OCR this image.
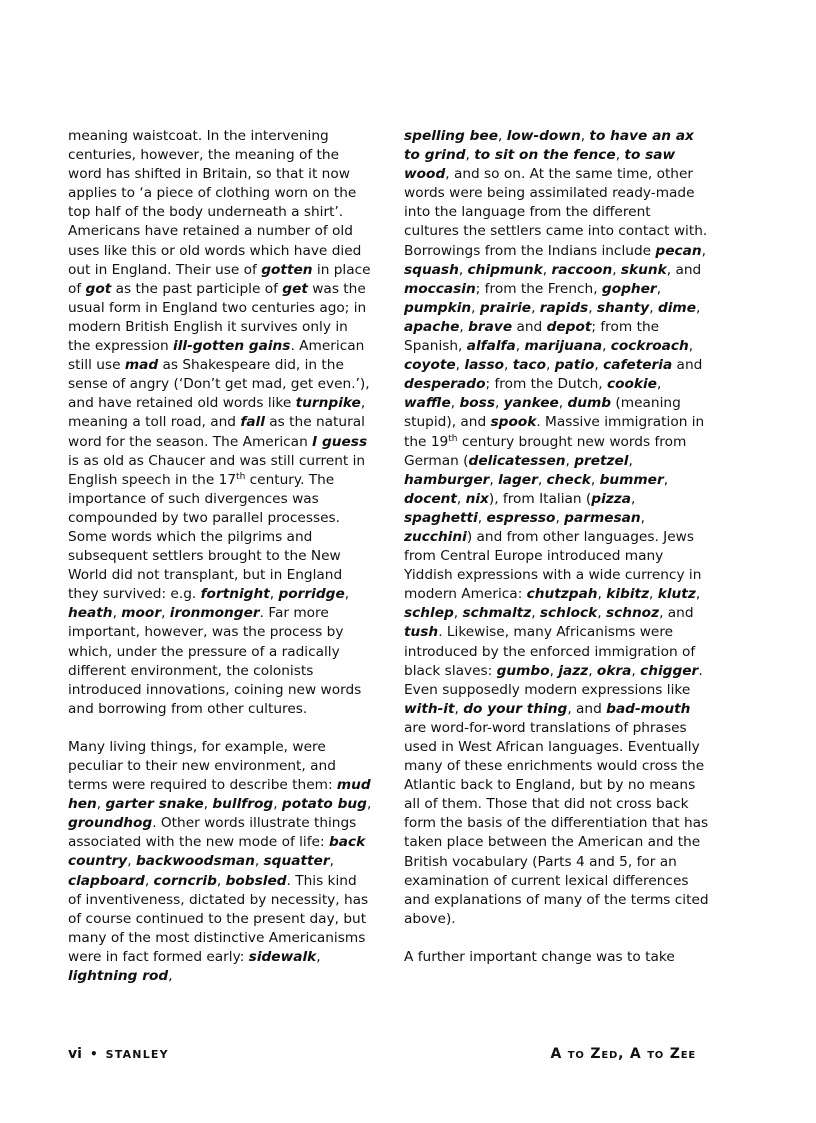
meaning waistcoat. In the intervening centuries, however, the meaning of the word has shifted in Britain, so that it now applies to ‘a piece of clothing worn on the top half of the body underneath a shirt’. Americans have retained a number of old uses like this or old words which have died out in England. Their use of gotten in place of got as the past participle of get was the usual form in England two centuries ago; in modern British English it survives only in the expression ill-gotten gains. American still use mad as Shakespeare did, in the sense of angry (‘Don’t get mad, get even.’), and have retained old words like turnpike, meaning a toll road, and fall as the natural word for the season. The American I guess is as old as Chaucer and was still current in English speech in the 17th century. The importance of such divergences was compounded by two parallel processes. Some words which the pilgrims and subsequent settlers brought to the New World did not transplant, but in England they survived: e.g. fortnight, porridge, heath, moor, ironmonger. Far more important, however, was the process by which, under the pressure of a radically different environment, the colonists introduced innovations, coining new words and borrowing from other cultures.

Many living things, for example, were peculiar to their new environment, and terms were required to describe them: mud hen, garter snake, bullfrog, potato bug, groundhog. Other words illustrate things associated with the new mode of life: back country, backwoodsman, squatter, clapboard, corncrib, bobsled. This kind of inventiveness, dictated by necessity, has of course continued to the present day, but many of the most distinctive Americanisms were in fact formed early: sidewalk, lightning rod,

spelling bee, low-down, to have an ax to grind, to sit on the fence, to saw wood, and so on. At the same time, other words were being assimilated ready-made into the language from the different cultures the settlers came into contact with. Borrowings from the Indians include pecan, squash, chipmunk, raccoon, skunk, and moccasin; from the French, gopher, pumpkin, prairie, rapids, shanty, dime, apache, brave and depot; from the Spanish, alfalfa, marijuana, cockroach, coyote, lasso, taco, patio, cafeteria and desperado; from the Dutch, cookie, waffle, boss, yankee, dumb (meaning stupid), and spook. Massive immigration in the 19th century brought new words from German (delicatessen, pretzel, hamburger, lager, check, bummer, docent, nix), from Italian (pizza, spaghetti, espresso, parmesan, zucchini) and from other languages. Jews from Central Europe introduced many Yiddish expressions with a wide currency in modern America: chutzpah, kibitz, klutz, schlep, schmaltz, schlock, schnoz, and tush. Likewise, many Africanisms were introduced by the enforced immigration of black slaves: gumbo, jazz, okra, chigger. Even supposedly modern expressions like with-it, do your thing, and bad-mouth are word-for-word translations of phrases used in West African languages. Eventually many of these enrichments would cross the Atlantic back to England, but by no means all of them. Those that did not cross back form the basis of the differentiation that has taken place between the American and the British vocabulary (Parts 4 and 5, for an examination of current lexical differences and explanations of many of the terms cited above).

A further important change was to take

vi • STANLEY	A to Zed, A to Zee
